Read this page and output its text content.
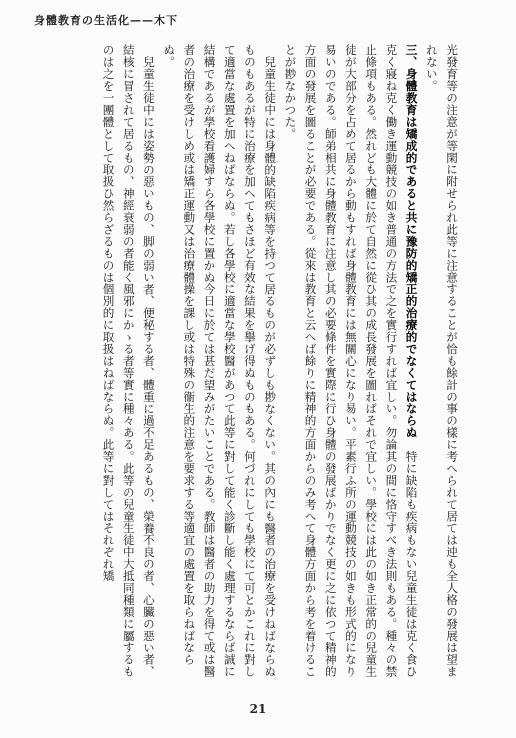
身體教育の生活化——木下

光發育等の注意が等閑に附せられ此等に注意することが恰も餘計の事の樣に考へられて居ては迚も全人格の發展は望まれない。

三、身體教育は矯成的であると共に豫防的矯正的治療的でなくてはならぬ　特に缺陷も疾病もない兒童生徒は克く食ひ克く寢ね克く働き運動競技の如き普通の方法で之を實行すれば宜しい。勿論其の間に恪守すべき法則もある。種々の禁止條項もある。然れども大體に於て自然に從ひ其の成長發展を圖ればそれで宜しい。學校には此の如き正常的の兒童生徒が大部分を占めて居るから動もすれば身體教育には無關心になり易い。平素行ふ所の運動競技の如きも形式的になり易いのである。師弟相共に身體教育に注意し其の必要條件を實際に行ひ身體の發展ばかりでなく更に之に依つて精神的方面の發展を圖ることが必要である。從來は教育と云へば餘りに精神的方面からのみ考へて身體方面から考を着けることが尠なかつた。

兒童生徒中には身體的缺陷疾病等を持つて居るものが必ずしも尠なくない。其の內にも醫者の治療を受けねばならぬものもあるが特に治療を加へてもさほど有效な結果を擧げ得ぬものもある。何づれにしても學校にて可とかこれに對して適當な處置を加へねばならぬ。若し各學校に適當な學校醫があつて此等に對して能く診斷し能く處理するならば誠に結構であるが學校看護婦すら各學校に置かぬ今日に於ては甚だ望みがたいことである。教師は醫者の助力を得て或は醫者の治療を受けしめ或は矯正運動又は治療體操を課し或は特殊の衞生的注意を要求する等適宜の處置を取らねばならぬ。

兒童生徒中には姿勢の惡いもの、脚の弱い者、便秘する者、體重に過不足あるもの、榮養不良の者、心臟の惡い者、結核に冒されて居るもの、神經衰弱の者能く風邪にかゝる者等實に種々ある。此等の兒童生徒中大抵同種類に屬するものは之を一團體として取扱ひ然らざるものは個別的に取扱はねばならぬ。此等に對してはそれぞれ矯

21
